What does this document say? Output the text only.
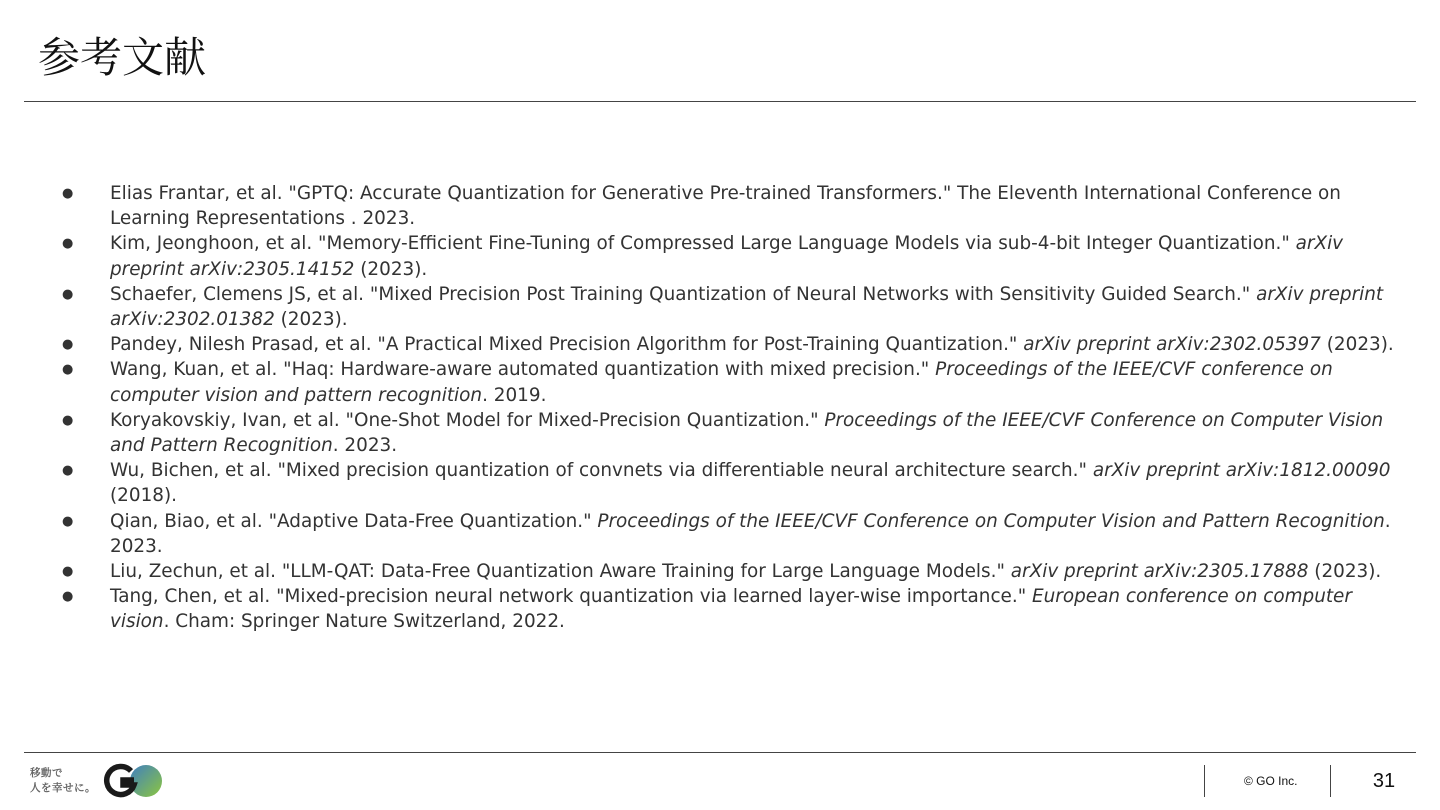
参考文献
● Elias Frantar, et al. "GPTQ: Accurate Quantization for Generative Pre-trained Transformers." The Eleventh International Conference on Learning Representations . 2023.
● Kim, Jeonghoon, et al. "Memory-Efficient Fine-Tuning of Compressed Large Language Models via sub-4-bit Integer Quantization." arXiv preprint arXiv:2305.14152 (2023).
● Schaefer, Clemens JS, et al. "Mixed Precision Post Training Quantization of Neural Networks with Sensitivity Guided Search." arXiv preprint arXiv:2302.01382 (2023).
● Pandey, Nilesh Prasad, et al. "A Practical Mixed Precision Algorithm for Post-Training Quantization." arXiv preprint arXiv:2302.05397 (2023).
● Wang, Kuan, et al. "Haq: Hardware-aware automated quantization with mixed precision." Proceedings of the IEEE/CVF conference on computer vision and pattern recognition. 2019.
● Koryakovskiy, Ivan, et al. "One-Shot Model for Mixed-Precision Quantization." Proceedings of the IEEE/CVF Conference on Computer Vision and Pattern Recognition. 2023.
● Wu, Bichen, et al. "Mixed precision quantization of convnets via differentiable neural architecture search." arXiv preprint arXiv:1812.00090 (2018).
● Qian, Biao, et al. "Adaptive Data-Free Quantization." Proceedings of the IEEE/CVF Conference on Computer Vision and Pattern Recognition. 2023.
● Liu, Zechun, et al. "LLM-QAT: Data-Free Quantization Aware Training for Large Language Models." arXiv preprint arXiv:2305.17888 (2023).
● Tang, Chen, et al. "Mixed-precision neural network quantization via learned layer-wise importance." European conference on computer vision. Cham: Springer Nature Switzerland, 2022.
移動で
人を幸せに。
GO
© GO Inc.	31
